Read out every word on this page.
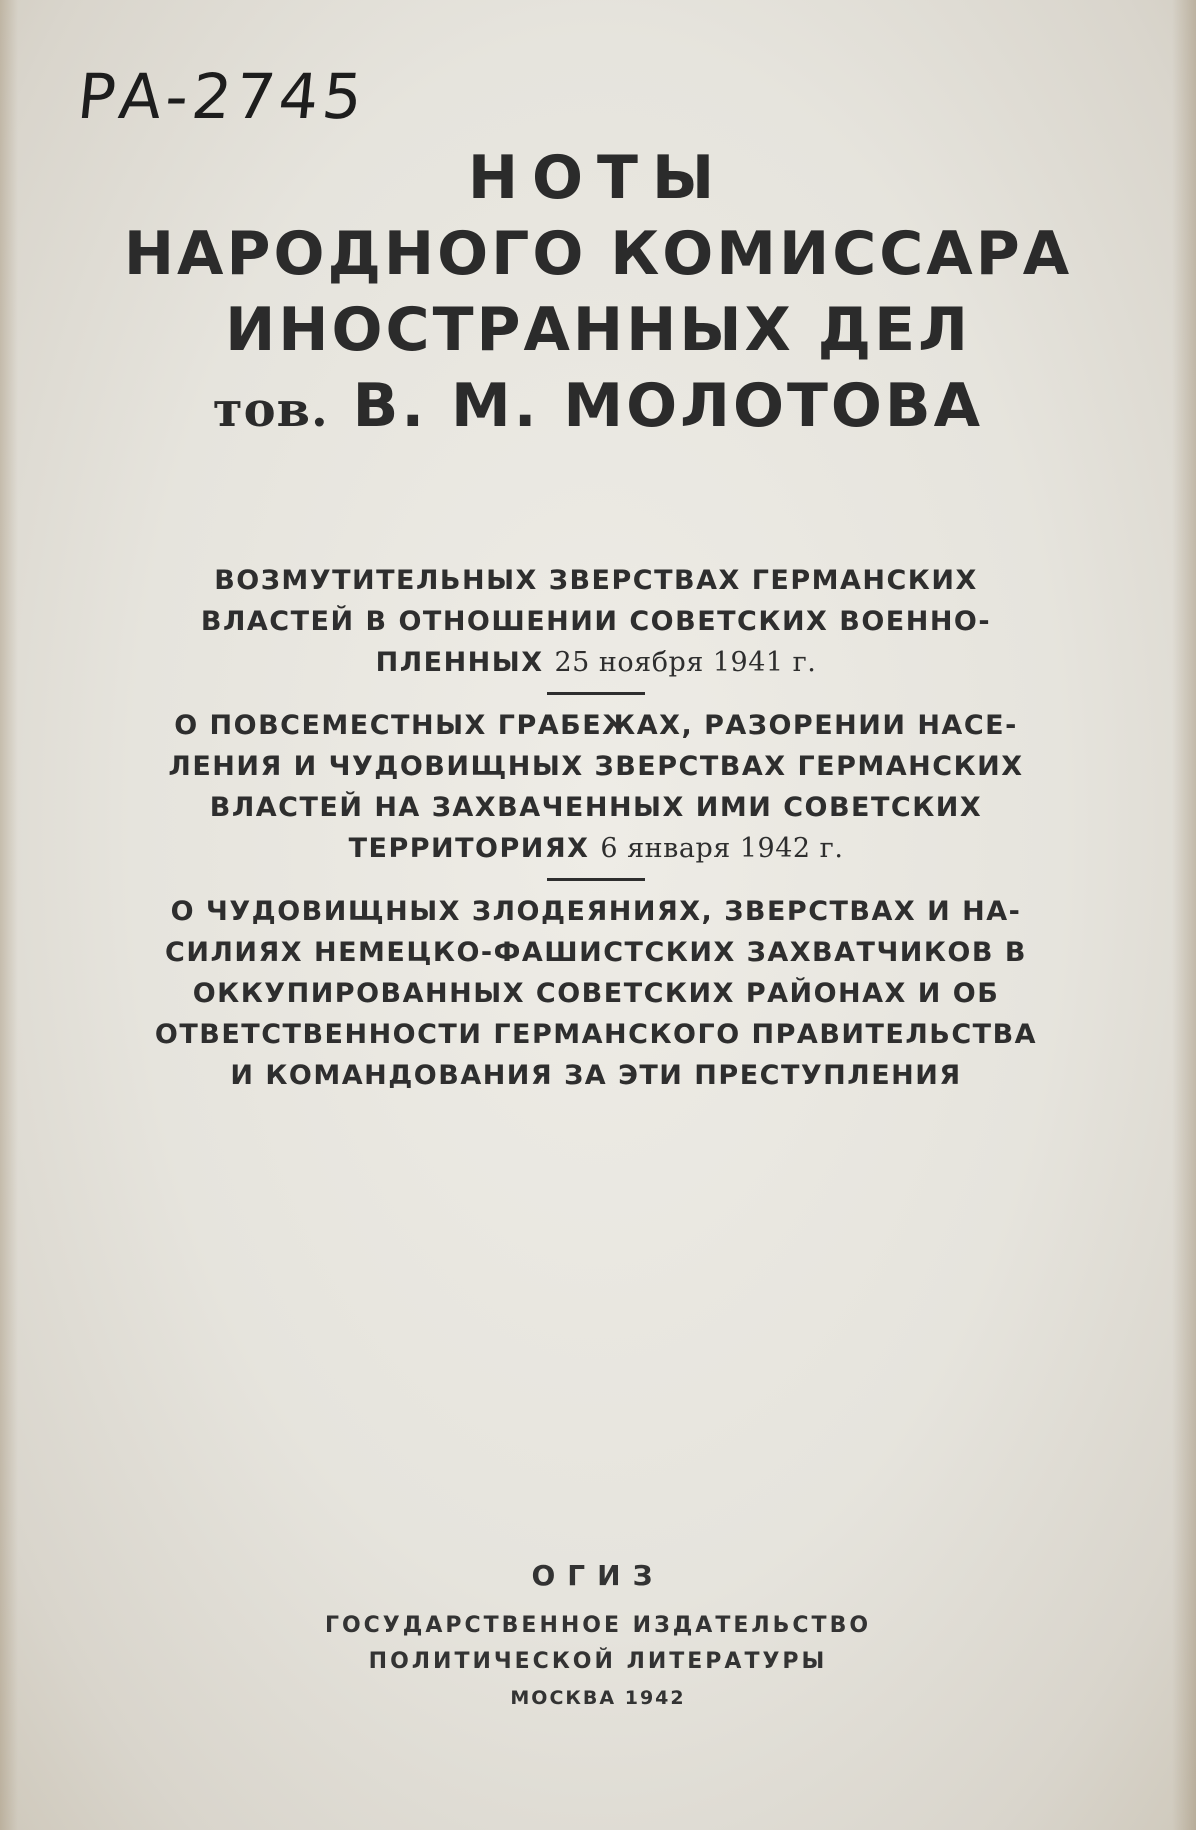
РА-2745

НОТЫ

НАРОДНОГО КОМИССАРА

ИНОСТРАННЫХ ДЕЛ

тов. В. М. МОЛОТОВА

ВОЗМУТИТЕЛЬНЫХ ЗВЕРСТВАХ ГЕРМАНСКИХ

ВЛАСТЕЙ В ОТНОШЕНИИ СОВЕТСКИХ ВОЕННО-

ПЛЕННЫХ 25 ноября 1941 г.

О ПОВСЕМЕСТНЫХ ГРАБЕЖАХ, РАЗОРЕНИИ НАСЕ-

ЛЕНИЯ И ЧУДОВИЩНЫХ ЗВЕРСТВАХ ГЕРМАНСКИХ

ВЛАСТЕЙ НА ЗАХВАЧЕННЫХ ИМИ СОВЕТСКИХ

ТЕРРИТОРИЯХ 6 января 1942 г.

О ЧУДОВИЩНЫХ ЗЛОДЕЯНИЯХ, ЗВЕРСТВАХ И НА-

СИЛИЯХ НЕМЕЦКО-ФАШИСТСКИХ ЗАХВАТЧИКОВ В

ОККУПИРОВАННЫХ СОВЕТСКИХ РАЙОНАХ И ОБ

ОТВЕТСТВЕННОСТИ ГЕРМАНСКОГО ПРАВИТЕЛЬСТВА

И КОМАНДОВАНИЯ ЗА ЭТИ ПРЕСТУПЛЕНИЯ

ОГИЗ

ГОСУДАРСТВЕННОЕ ИЗДАТЕЛЬСТВО

ПОЛИТИЧЕСКОЙ ЛИТЕРАТУРЫ

МОСКВА 1942
